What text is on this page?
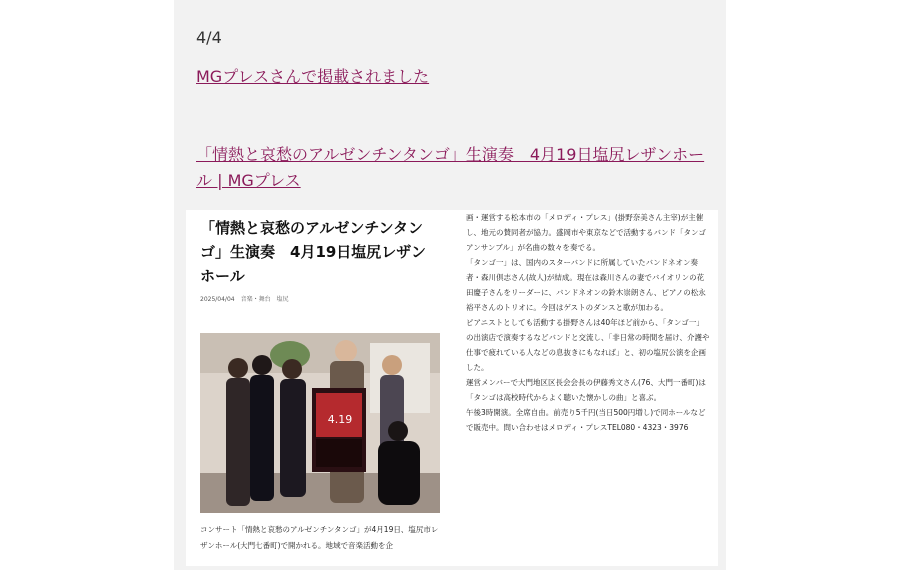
4/4
MGプレスさんで掲載されました
「情熱と哀愁のアルゼンチンタンゴ」生演奏　4月19日塩尻レザンホール | MGプレス
「情熱と哀愁のアルゼンチンタンゴ」生演奏　4月19日塩尻レザンホール
2025/04/04　音楽・舞台　塩尻
4.19
コンサート「情熱と哀愁のアルゼンチンタンゴ」が4月19日、塩尻市レザンホール(大門七番町)で開かれる。地域で音楽活動を企

画・運営する松本市の「メロディ・プレス」(掛野奈美さん主宰)が主催し、地元の賛同者が協力。盛岡市や東京などで活動するバンド「タンゴアンサンブル」が名曲の数々を奏でる。

「タンゴ一」は、国内のスターバンドに所属していたバンドネオン奏者・森川倶志さん(故人)が結成。現在は森川さんの妻でバイオリンの花田慶子さんをリーダーに、バンドネオンの鈴木崇朗さん、ピアノの松永裕平さんのトリオに。今回はゲストのダンスと歌が加わる。

ピアニストとしても活動する掛野さんは40年ほど前から、「タンゴ一」の出演店で演奏するなどバンドと交流し、「非日常の時間を届け、介護や仕事で疲れている人などの息抜きにもなれば」と、初の塩尻公演を企画した。

運営メンバーで大門地区区長会会長の伊藤秀文さん(76、大門一番町)は「タンゴは高校時代からよく聴いた懐かしの曲」と喜ぶ。

午後3時開演。全席自由。前売り5千円(当日500円増し)で同ホールなどで販売中。問い合わせはメロディ・プレスTEL080・4323・3976
